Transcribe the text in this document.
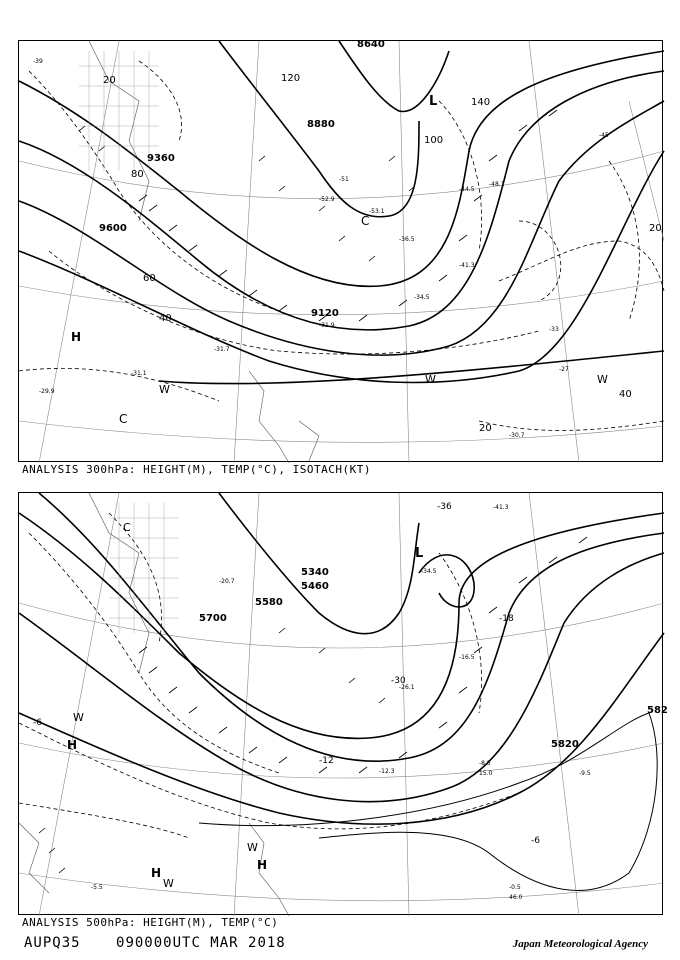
8640
8880
9360
9600
9120
20
40
60
80
100
120
140
20
20
40
-39
-45
-51
-33
-27
-31.7
-30.7
-29.9
-31.9
-34.5
-41.3
-44.5
-48.1
-53.1
-52.9
-36.5
-31.1
L
C
H
W
W	W
C
ANALYSIS 300hPa: HEIGHT(M), TEMP(°C), ISOTACH(KT)
5340
5460
5580
5700
5820
582
-6
-18
-36
-30
-12
-6
-41.3
-34.5
-26.1
-20.7
-16.5
-12.3	-9.5
-8.5
-5.5	-0.5
15.0
46.0
L
H
H
W
H
W
C
W
ANALYSIS 500hPa: HEIGHT(M), TEMP(°C)
AUPQ35	090000UTC MAR 2018	Japan Meteorological Agency
